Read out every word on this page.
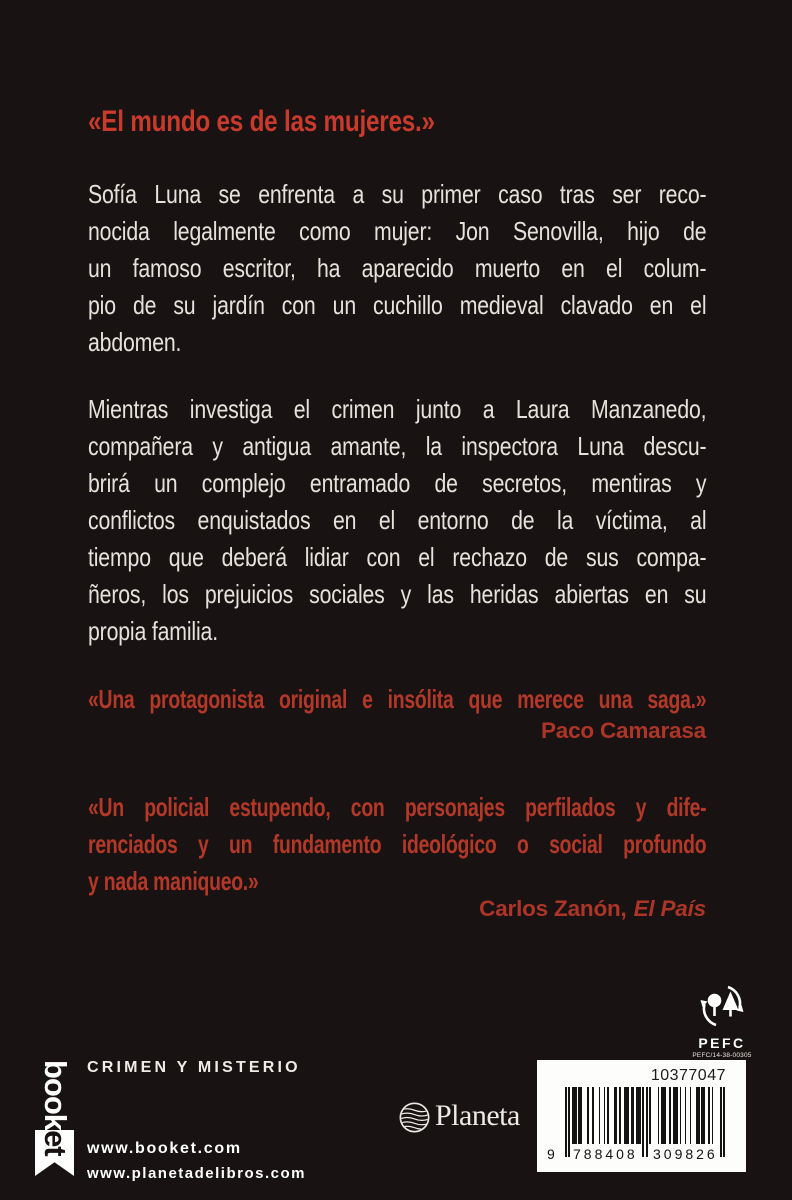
«El mundo es de las mujeres.»
Sofía Luna se enfrenta a su primer caso tras ser reco-
nocida legalmente como mujer: Jon Senovilla, hijo de
un famoso escritor, ha aparecido muerto en el colum-
pio de su jardín con un cuchillo medieval clavado en el
abdomen.
Mientras investiga el crimen junto a Laura Manzanedo,
compañera y antigua amante, la inspectora Luna descu-
brirá un complejo entramado de secretos, mentiras y
conflictos enquistados en el entorno de la víctima, al
tiempo que deberá lidiar con el rechazo de sus compa-
ñeros, los prejuicios sociales y las heridas abiertas en su
propia familia.
«Una protagonista original e insólita que merece una saga.»
Paco Camarasa
«Un policial estupendo, con personajes perfilados y dife-
renciados y un fundamento ideológico o social profundo
y nada maniqueo.»
Carlos Zanón, El País
PEFC
PEFC/14-38-00305
CRIMEN Y MISTERIO
booket www.booket.com
www.planetadelibros.com
Planeta
10377047
9 788408 309826
